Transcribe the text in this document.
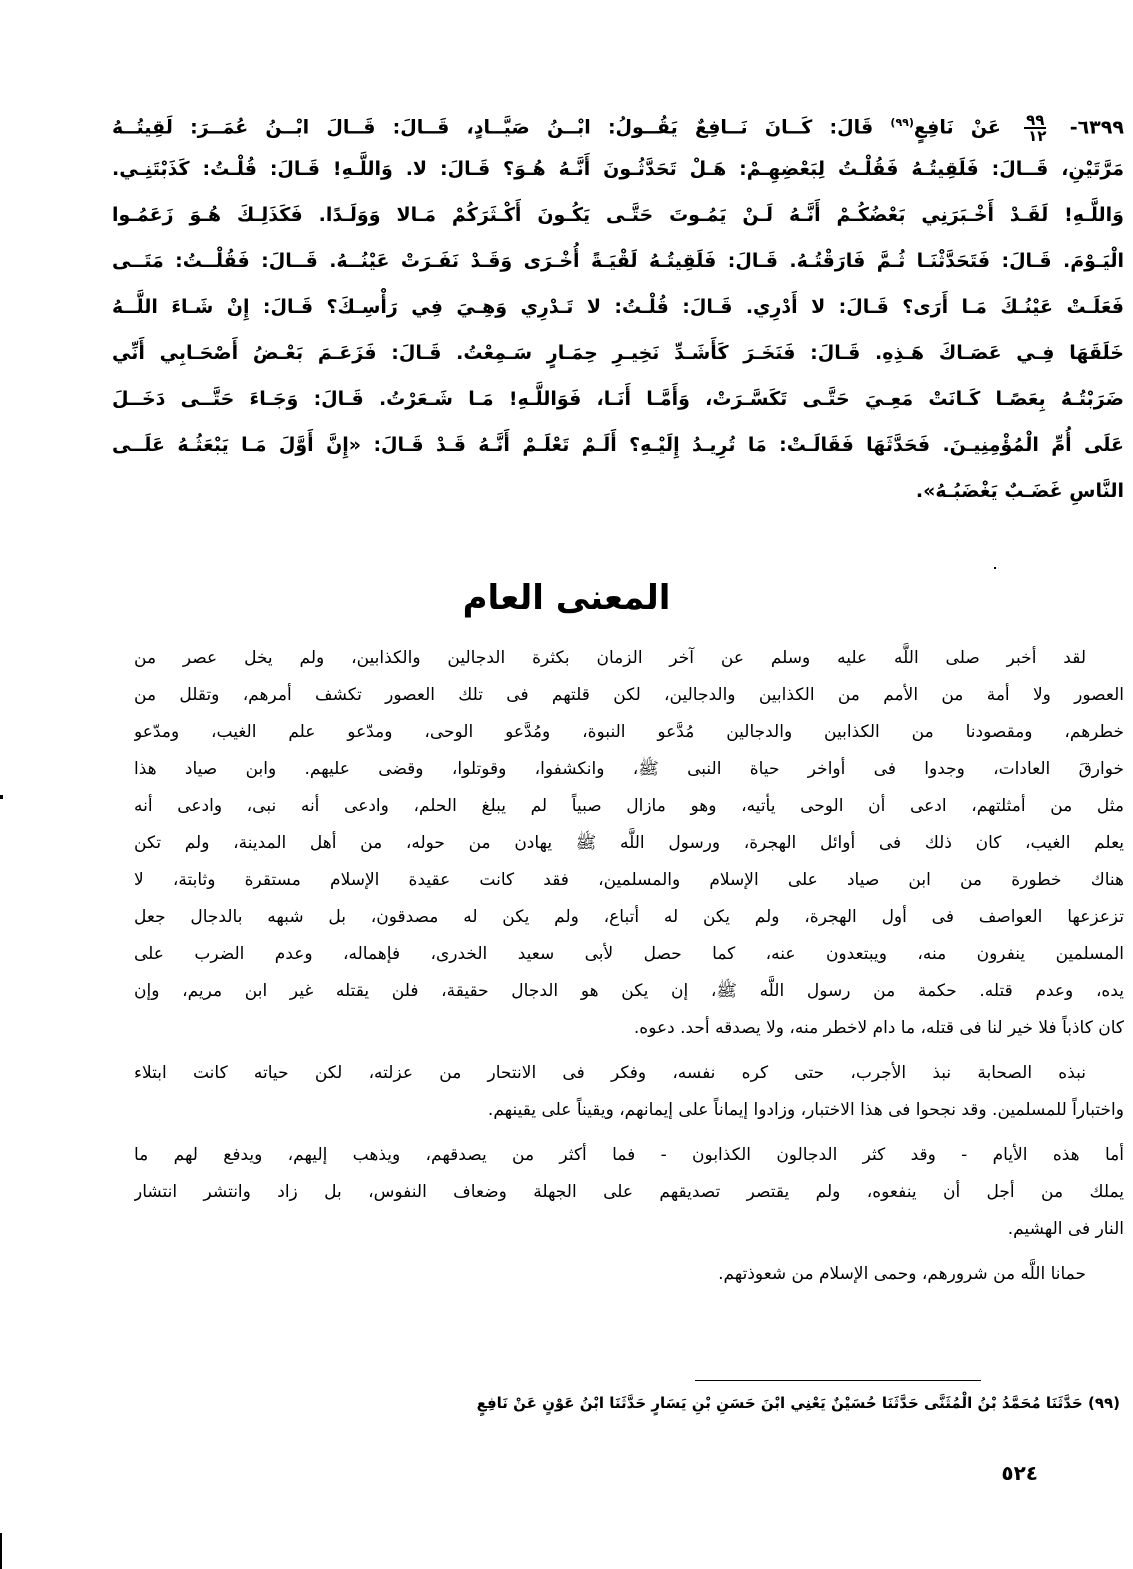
٦٣٩٩-
$\frac{٩٩}{١٢}$
عَنْ نَافِعٍ$^{(٩٩)}$ قَالَ: كَــانَ نَــافِعٌ يَقُــولُ: ابْــنُ صَيَّــادٍ، قَــالَ: قَــالَ ابْــنُ عُمَــرَ: لَقِيتُــهُ
مَرَّتَيْنِ، قَــالَ: فَلَقِيتُـهُ فَقُلْـتُ لِبَعْضِهِـمْ: هَـلْ تَحَدَّثُـونَ أَنَّـهُ هُـوَ؟ قَـالَ: لا. وَاللَّـهِ! قَـالَ: قُلْـتُ: كَذَبْتَنِـي.
وَاللَّـهِ! لَقَـدْ أَخْـبَرَنِي بَعْضُكُـمْ أَنَّـهُ لَـنْ يَمُـوتَ حَتَّـى يَكُـونَ أَكْـثَرَكُمْ مَـالا وَوَلَـدًا. فَكَذَلِـكَ هُـوَ زَعَمُـوا
الْيَـوْمَ. قَـالَ: فَتَحَدَّثْنَـا ثُـمَّ فَارَقْتُـهُ. قَـالَ: فَلَقِيتُـهُ لَقْيَـةً أُخْـرَى وَقَـدْ نَفَـرَتْ عَيْنُــهُ. قَــالَ: فَقُلْــتُ: مَتَــى
فَعَلَـتْ عَيْنُـكَ مَـا أَرَى؟ قَـالَ: لا أَدْرِي. قَـالَ: قُلْـتُ: لا تَـدْرِي وَهِـيَ فِي رَأْسِـكَ؟ قَـالَ: إِنْ شَـاءَ اللَّــهُ
خَلَقَهَا فِـي عَصَـاكَ هَـذِهِ. قَـالَ: فَنَخَـرَ كَأَشَـدِّ نَخِيـرِ حِمَـارٍ سَـمِعْتُ. قَـالَ: فَزَعَـمَ بَعْـضُ أَصْحَـابِي أَنِّي
ضَرَبْتُـهُ بِعَصًـا كَـانَتْ مَعِـيَ حَتَّـى تَكَسَّـرَتْ، وَأَمَّـا أَنَـا، فَوَاللَّـهِ! مَـا شَـعَرْتُ. قَـالَ: وَجَـاءَ حَتَّــى دَخَــلَ
عَلَى أُمِّ الْمُؤْمِنِيـنَ. فَحَدَّثَهَا فَقَالَـتْ: مَا تُرِيـدُ إِلَيْـهِ؟ أَلَـمْ تَعْلَـمْ أَنَّـهُ قَـدْ قَـالَ: «إِنَّ أَوَّلَ مَـا يَبْعَثُـهُ عَلَــى
النَّاسِ غَضَـبٌ يَغْضَبُـهُ».
المعنى العام
لقد أخبر صلى اللَّه عليه وسلم عن آخر الزمان بكثرة الدجالين والكذابين، ولم يخل عصر من
العصور ولا أمة من الأمم من الكذابين والدجالين، لكن قلتهم فى تلك العصور تكشف أمرهم، وتقلل من
خطرهم، ومقصودنا من الكذابين والدجالين مُدَّعو النبوة، ومُدَّعو الوحى، ومدّعو علم الغيب، ومدّعو
خوارقَ العادات، وجدوا فى أواخر حياة النبى ﷺ، وانكشفوا، وقوتلوا، وقضى عليهم. وابن صياد هذا
مثل من أمثلتهم، ادعى أن الوحى يأتيه، وهو مازال صبياً لم يبلغ الحلم، وادعى أنه نبى، وادعى أنه
يعلم الغيب، كان ذلك فى أوائل الهجرة، ورسول اللَّه ﷺ يهادن من حوله، من أهل المدينة، ولم تكن
هناك خطورة من ابن صياد على الإسلام والمسلمين، فقد كانت عقيدة الإسلام مستقرة وثابتة، لا
تزعزعها العواصف فى أول الهجرة، ولم يكن له أتباع، ولم يكن له مصدقون، بل شبهه بالدجال جعل
المسلمين ينفرون منه، ويبتعدون عنه، كما حصل لأبى سعيد الخدرى، فإهماله، وعدم الضرب على
يده، وعدم قتله. حكمة من رسول اللَّه ﷺ، إن يكن هو الدجال حقيقة، فلن يقتله غير ابن مريم، وإن
كان كاذباً فلا خير لنا فى قتله، ما دام لاخطر منه، ولا يصدقه أحد. دعوه.
نبذه الصحابة نبذ الأجرب، حتى كره نفسه، وفكر فى الانتحار من عزلته، لكن حياته كانت ابتلاء
واختباراً للمسلمين. وقد نجحوا فى هذا الاختبار، وزادوا إيماناً على إيمانهم، ويقيناً على يقينهم.
أما هذه الأيام - وقد كثر الدجالون الكذابون - فما أكثر من يصدقهم، ويذهب إليهم، ويدفع لهم ما
يملك من أجل أن ينفعوه، ولم يقتصر تصديقهم على الجهلة وضعاف النفوس، بل زاد وانتشر انتشار
النار فى الهشيم.
حمانا اللَّه من شرورهم، وحمى الإسلام من شعوذتهم.
(٩٩) حَدَّثَنَا مُحَمَّدُ بْنُ الْمُثَنَّى حَدَّثَنَا حُسَيْنٌ يَعْنِي ابْنَ حَسَنِ بْنِ يَسَارٍ حَدَّثَنَا ابْنُ عَوْنٍ عَنْ نَافِعٍ
٥٢٤
